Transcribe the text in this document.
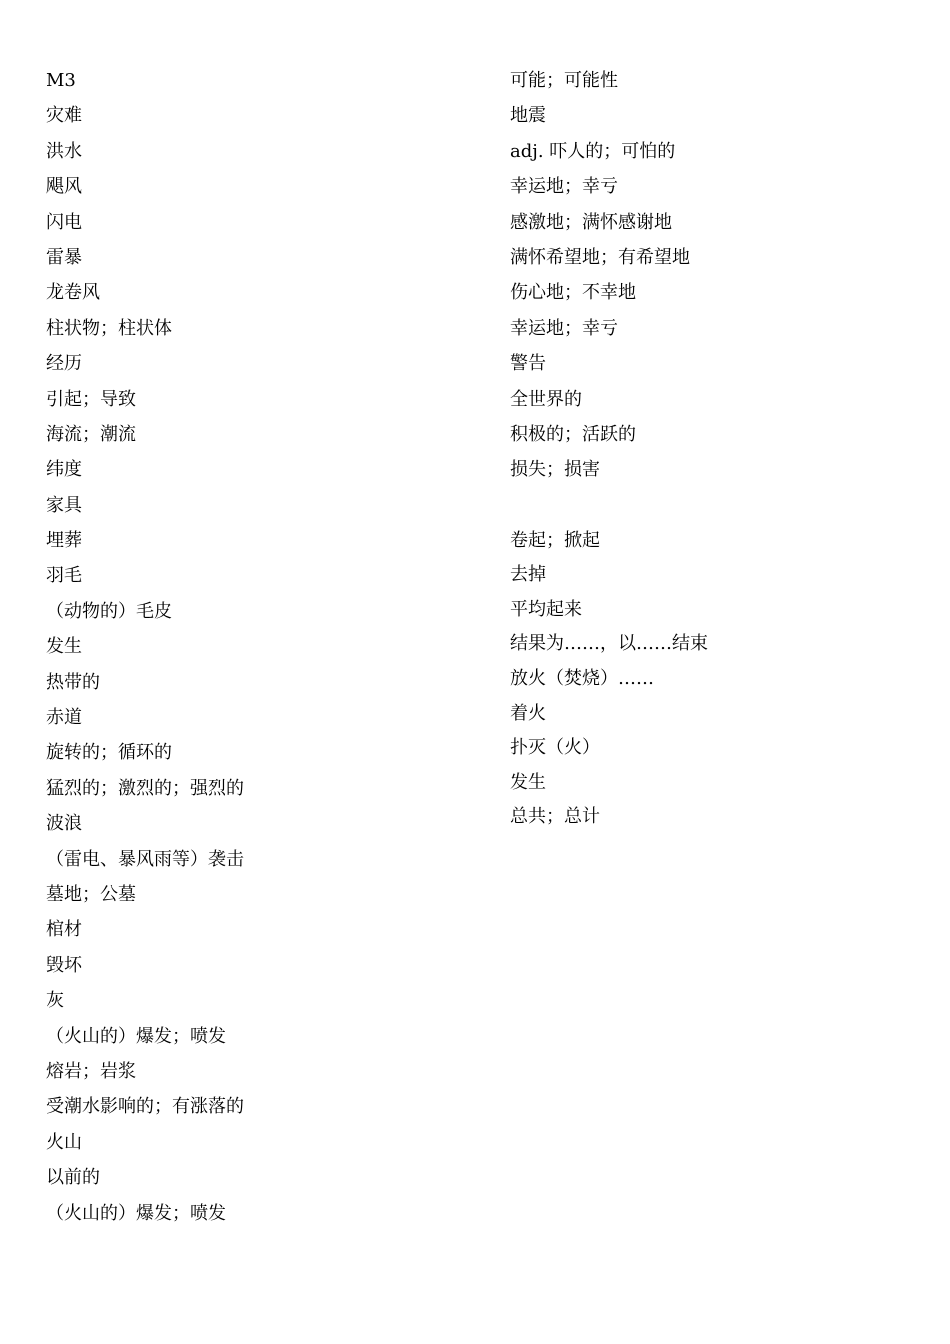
M3
灾难
洪水
飓风
闪电
雷暴
龙卷风
柱状物；柱状体
经历
引起；导致
海流；潮流
纬度
家具
埋葬
羽毛
（动物的）毛皮
发生
热带的
赤道
旋转的；循环的
猛烈的；激烈的；强烈的
波浪
（雷电、暴风雨等）袭击
墓地；公墓
棺材
毁坏
灰
（火山的）爆发；喷发
熔岩；岩浆
受潮水影响的；有涨落的
火山
以前的
（火山的）爆发；喷发
可能；可能性
地震
adj. 吓人的；可怕的
幸运地；幸亏
感激地；满怀感谢地
满怀希望地；有希望地
伤心地；不幸地
幸运地；幸亏
警告
全世界的
积极的；活跃的
损失；损害
卷起；掀起
去掉
平均起来
结果为……，以……结束
放火（焚烧）……
着火
扑灭（火）
发生
总共；总计
